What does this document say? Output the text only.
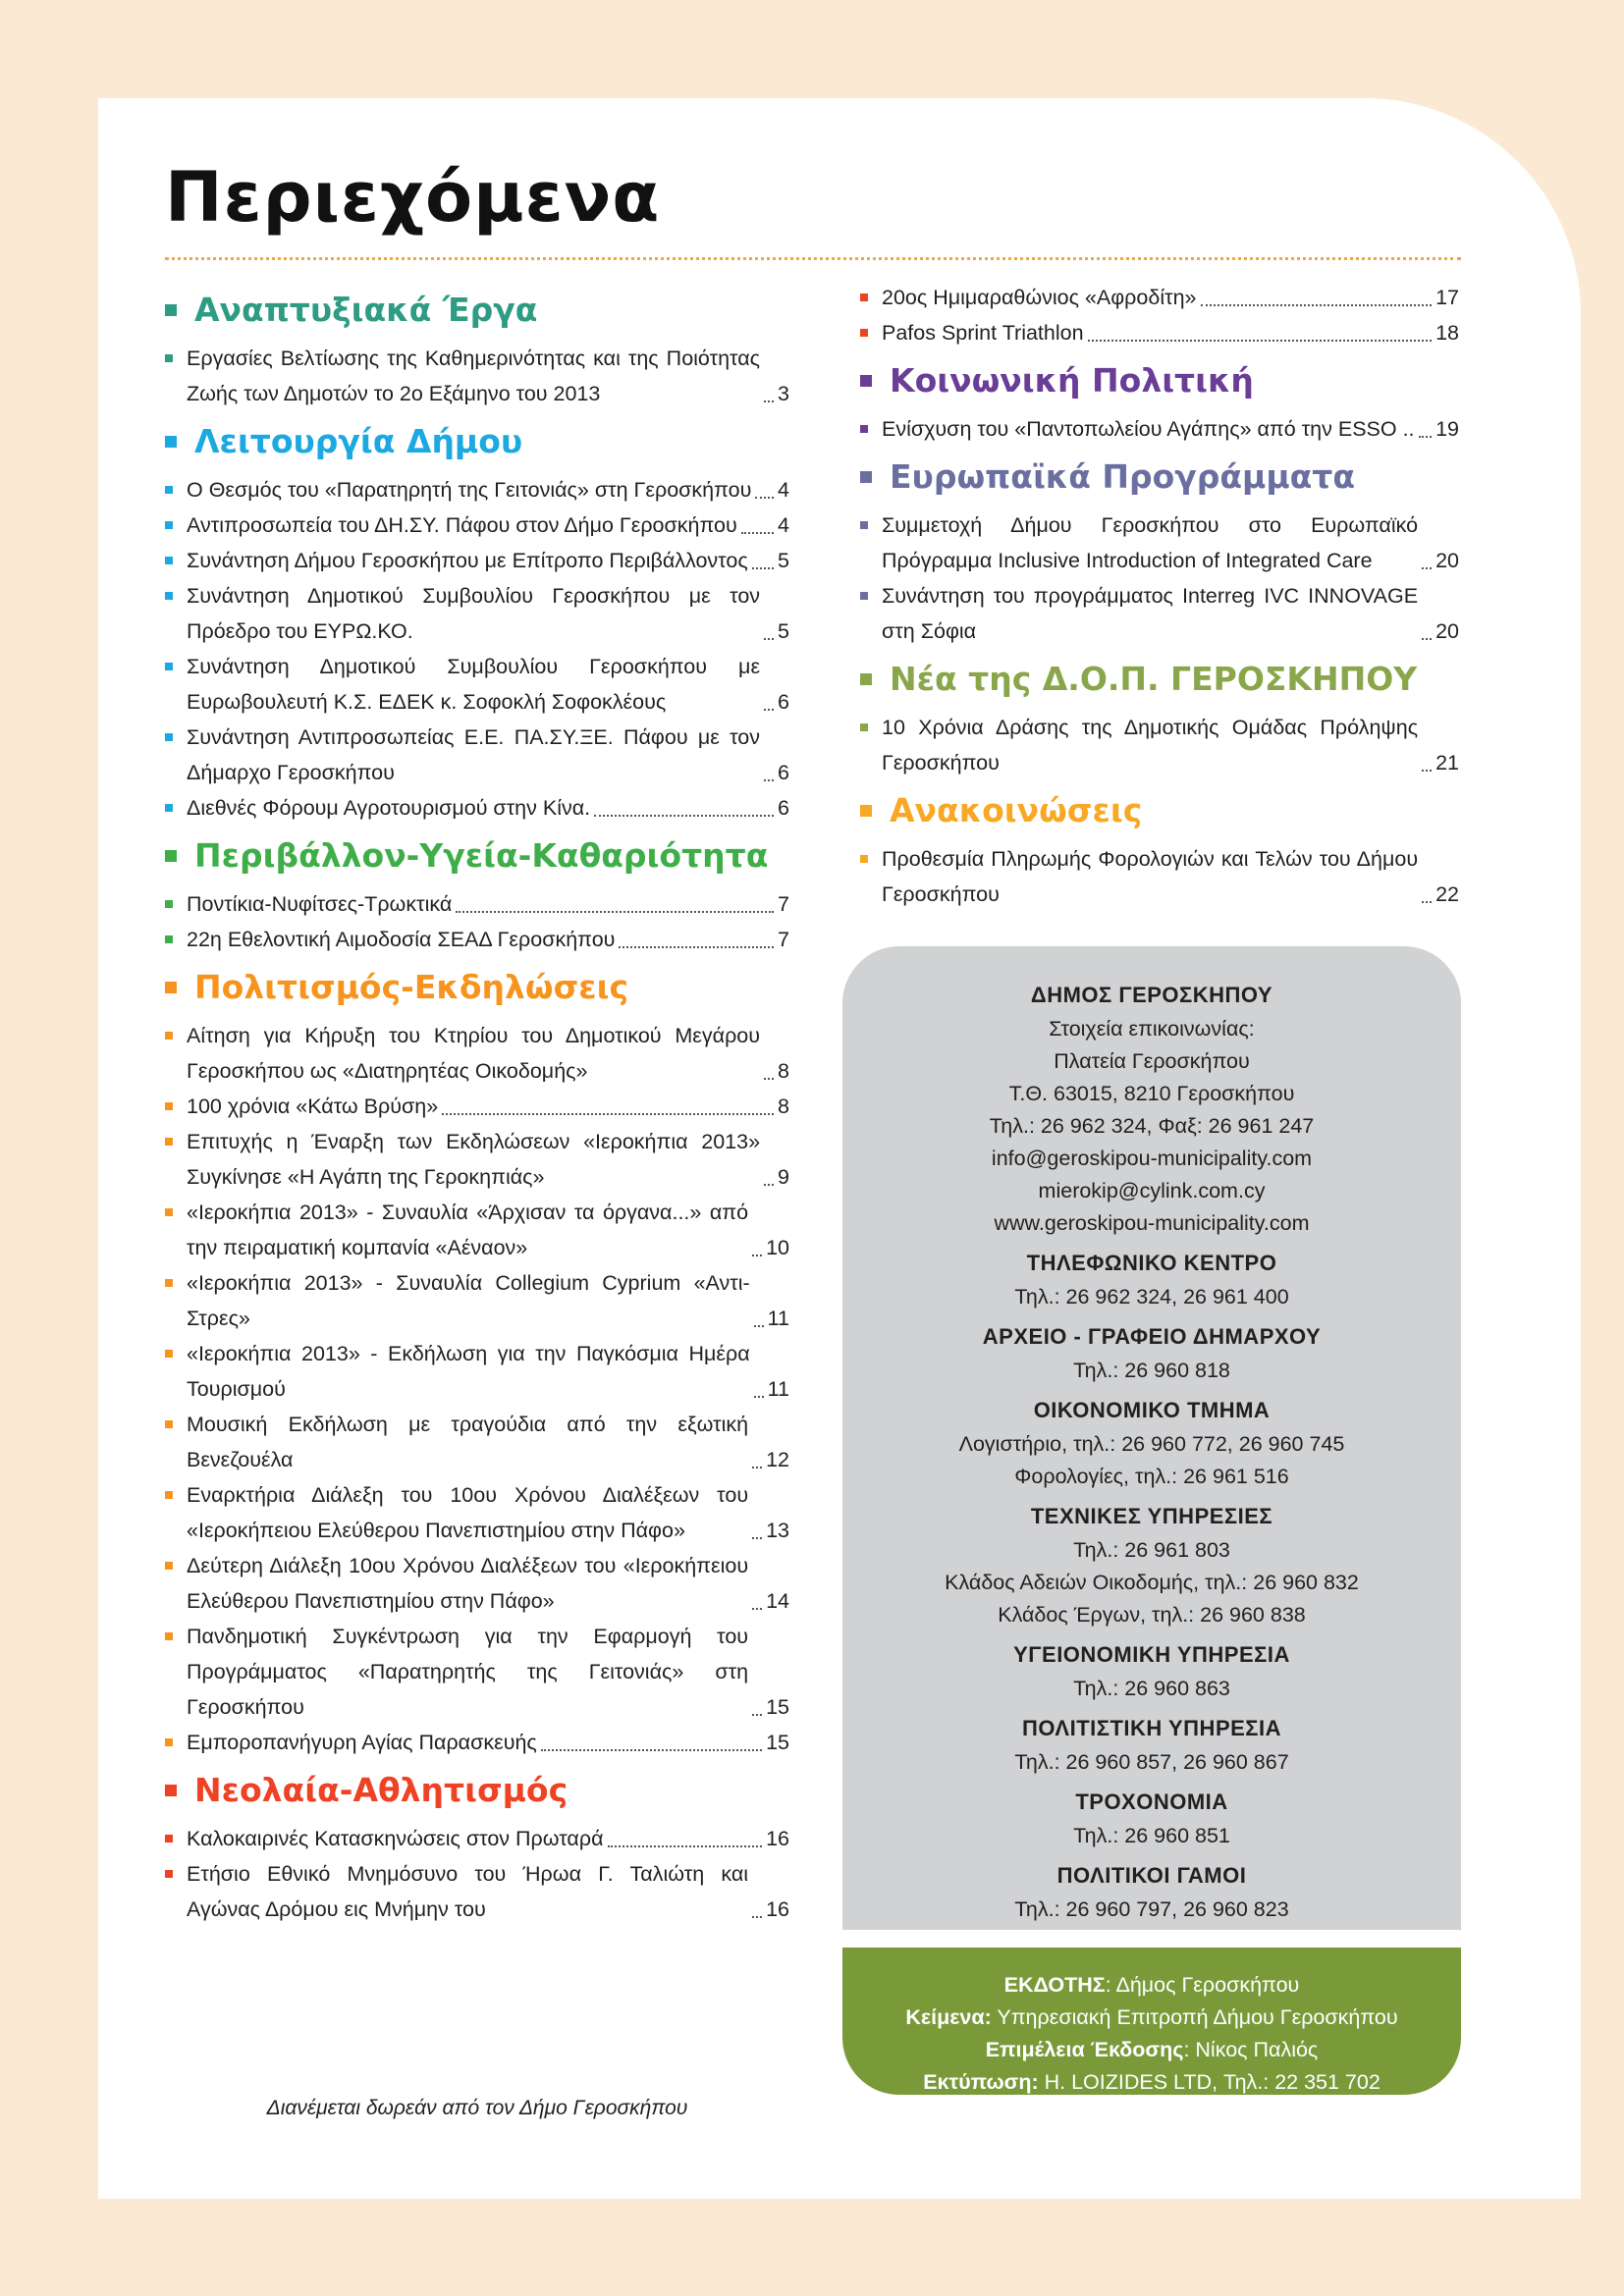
Περιεχόμενα
Αναπτυξιακά Έργα
Εργασίες Βελτίωσης της Καθημερινότητας και της Ποιότητας Ζωής των Δημοτών το 2ο Εξάμηνο του 2013	3
Λειτουργία Δήμου
Ο Θεσμός του «Παρατηρητή της Γειτονιάς» στη Γεροσκήπου 4
Αντιπροσωπεία του ΔΗ.ΣΥ. Πάφου στον Δήμο Γεροσκήπου 4
Συνάντηση Δήμου Γεροσκήπου με Επίτροπο Περιβάλλοντος 5
Συνάντηση Δημοτικού Συμβουλίου Γεροσκήπου με τον Πρόεδρο του ΕΥΡΩ.ΚΟ.	5
Συνάντηση Δημοτικού Συμβουλίου Γεροσκήπου με Ευρωβουλευτή Κ.Σ. ΕΔΕΚ κ. Σοφοκλή Σοφοκλέους	6
Συνάντηση Αντιπροσωπείας Ε.Ε. ΠΑ.ΣΥ.ΞΕ. Πάφου με τον Δήμαρχο Γεροσκήπου	6
Διεθνές Φόρουμ Αγροτουρισμού στην Κίνα.	6
Περιβάλλον-Υγεία-Καθαριότητα
Ποντίκια-Νυφίτσες-Τρωκτικά	7
22η Εθελοντική Αιμοδοσία ΣΕΑΔ Γεροσκήπου	7
Πολιτισμός-Εκδηλώσεις
Αίτηση για Κήρυξη του Κτηρίου του Δημοτικού Μεγάρου Γεροσκήπου ως «Διατηρητέας Οικοδομής»	8
100 χρόνια «Κάτω Βρύση»	8
Επιτυχής η Έναρξη των Εκδηλώσεων «Ιεροκήπια 2013» Συγκίνησε «Η Αγάπη της Γεροκηπιάς»	9
«Ιεροκήπια 2013» - Συναυλία «Άρχισαν τα όργανα...» από την πειραματική κομπανία «Αέναον»	10
«Ιεροκήπια 2013» - Συναυλία Collegium Cyprium «Αντι-Στρες»	11
«Ιεροκήπια 2013» - Εκδήλωση για την Παγκόσμια Ημέρα Τουρισμού	11
Μουσική Εκδήλωση με τραγούδια από την εξωτική Βενεζουέλα	12
Εναρκτήρια Διάλεξη του 10ου Χρόνου Διαλέξεων του «Ιεροκήπειου Ελεύθερου Πανεπιστημίου στην Πάφο»	13
Δεύτερη Διάλεξη 10ου Χρόνου Διαλέξεων του «Ιεροκήπειου Ελεύθερου Πανεπιστημίου στην Πάφο»	14
Πανδημοτική Συγκέντρωση για την Εφαρμογή του Προγράμματος «Παρατηρητής της Γειτονιάς» στη Γεροσκήπου	15
Εμποροπανήγυρη Αγίας Παρασκευής	15
Νεολαία-Αθλητισμός
Καλοκαιρινές Κατασκηνώσεις στον Πρωταρά	16
Ετήσιο Εθνικό Μνημόσυνο του Ήρωα Γ. Ταλιώτη και Αγώνας Δρόμου εις Μνήμην του	16
20ος Ημιμαραθώνιος «Αφροδίτη»	17
Pafos Sprint Triathlon	18
Κοινωνική Πολιτική
Ενίσχυση του «Παντοπωλείου Αγάπης» από την ESSO .. 19
Ευρωπαϊκά Προγράμματα
Συμμετοχή Δήμου Γεροσκήπου στο Ευρωπαϊκό Πρόγραμμα Inclusive Introduction of Integrated Care	20
Συνάντηση του προγράμματος Interreg IVC INNOVAGE στη Σόφια	20
Νέα της Δ.Ο.Π. ΓΕΡΟΣΚΗΠΟΥ
10 Χρόνια Δράσης της Δημοτικής Ομάδας Πρόληψης Γεροσκήπου	21
Ανακοινώσεις
Προθεσμία Πληρωμής Φορολογιών και Τελών του Δήμου Γεροσκήπου	22
ΔΗΜΟΣ ΓΕΡΟΣΚΗΠΟΥ
Στοιχεία επικοινωνίας:
Πλατεία Γεροσκήπου
Τ.Θ. 63015, 8210 Γεροσκήπου
Τηλ.: 26 962 324, Φαξ: 26 961 247
info@geroskipou-municipality.com
mierokip@cylink.com.cy
www.geroskipou-municipality.com
ΤΗΛΕΦΩΝΙΚΟ ΚΕΝΤΡΟ
Τηλ.: 26 962 324, 26 961 400
ΑΡΧΕΙΟ - ΓΡΑΦΕΙΟ ΔΗΜΑΡΧΟΥ
Τηλ.: 26 960 818
ΟΙΚΟΝΟΜΙΚΟ ΤΜΗΜΑ
Λογιστήριο, τηλ.: 26 960 772, 26 960 745
Φορολογίες, τηλ.: 26 961 516
ΤΕΧΝΙΚΕΣ ΥΠΗΡΕΣΙΕΣ
Τηλ.: 26 961 803
Κλάδος Αδειών Οικοδομής, τηλ.: 26 960 832
Κλάδος Έργων, τηλ.: 26 960 838
ΥΓΕΙΟΝΟΜΙΚΗ ΥΠΗΡΕΣΙΑ
Τηλ.: 26 960 863
ΠΟΛΙΤΙΣΤΙΚΗ ΥΠΗΡΕΣΙΑ
Τηλ.: 26 960 857, 26 960 867
ΤΡΟΧΟΝΟΜΙΑ
Τηλ.: 26 960 851
ΠΟΛΙΤΙΚΟΙ ΓΑΜΟΙ
Τηλ.: 26 960 797, 26 960 823
ΕΚΔΟΤΗΣ: Δήμος Γεροσκήπου
Κείμενα: Υπηρεσιακή Επιτροπή Δήμου Γεροσκήπου
Επιμέλεια Έκδοσης: Νίκος Παλιός
Εκτύπωση: H. LOIZIDES LTD, Τηλ.: 22 351 702
Διανέμεται δωρεάν από τον Δήμο Γεροσκήπου
